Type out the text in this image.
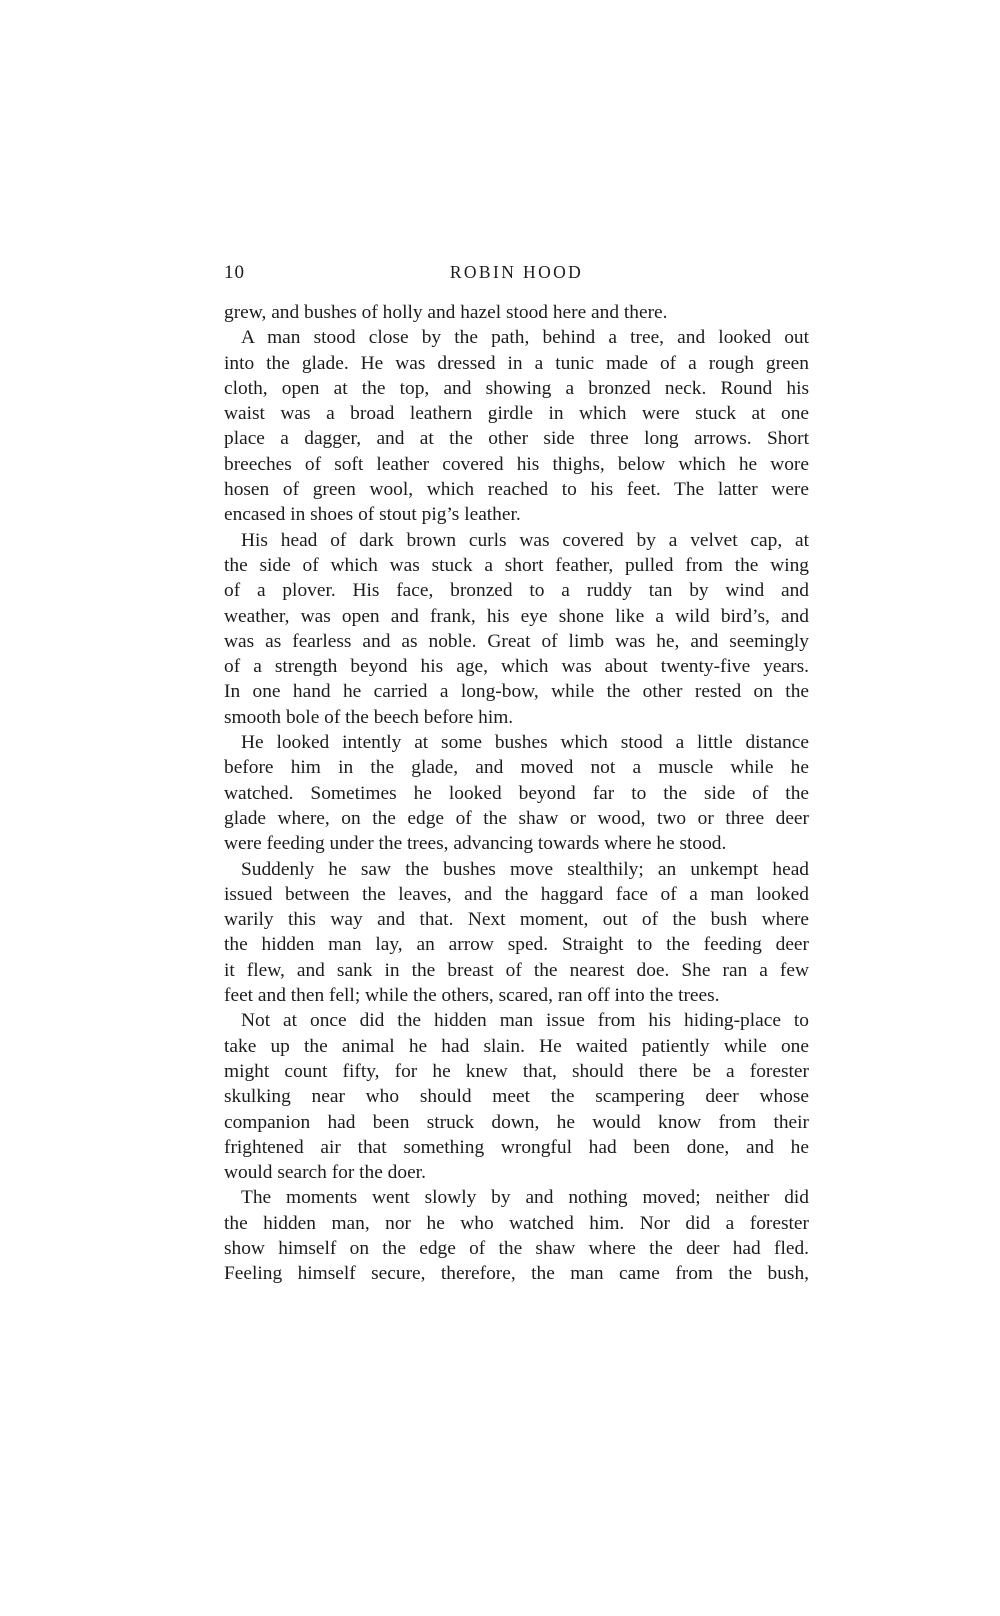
10	ROBIN HOOD
grew, and bushes of holly and hazel stood here and there.
A man stood close by the path, behind a tree, and looked out
into the glade. He was dressed in a tunic made of a rough green
cloth, open at the top, and showing a bronzed neck. Round his
waist was a broad leathern girdle in which were stuck at one
place a dagger, and at the other side three long arrows. Short
breeches of soft leather covered his thighs, below which he wore
hosen of green wool, which reached to his feet. The latter were
encased in shoes of stout pig’s leather.
His head of dark brown curls was covered by a velvet cap, at
the side of which was stuck a short feather, pulled from the wing
of a plover. His face, bronzed to a ruddy tan by wind and
weather, was open and frank, his eye shone like a wild bird’s, and
was as fearless and as noble. Great of limb was he, and seemingly
of a strength beyond his age, which was about twenty-five years.
In one hand he carried a long-bow, while the other rested on the
smooth bole of the beech before him.
He looked intently at some bushes which stood a little distance
before him in the glade, and moved not a muscle while he
watched. Sometimes he looked beyond far to the side of the
glade where, on the edge of the shaw or wood, two or three deer
were feeding under the trees, advancing towards where he stood.
Suddenly he saw the bushes move stealthily; an unkempt head
issued between the leaves, and the haggard face of a man looked
warily this way and that. Next moment, out of the bush where
the hidden man lay, an arrow sped. Straight to the feeding deer
it flew, and sank in the breast of the nearest doe. She ran a few
feet and then fell; while the others, scared, ran off into the trees.
Not at once did the hidden man issue from his hiding-place to
take up the animal he had slain. He waited patiently while one
might count fifty, for he knew that, should there be a forester
skulking near who should meet the scampering deer whose
companion had been struck down, he would know from their
frightened air that something wrongful had been done, and he
would search for the doer.
The moments went slowly by and nothing moved; neither did
the hidden man, nor he who watched him. Nor did a forester
show himself on the edge of the shaw where the deer had fled.
Feeling himself secure, therefore, the man came from the bush,
